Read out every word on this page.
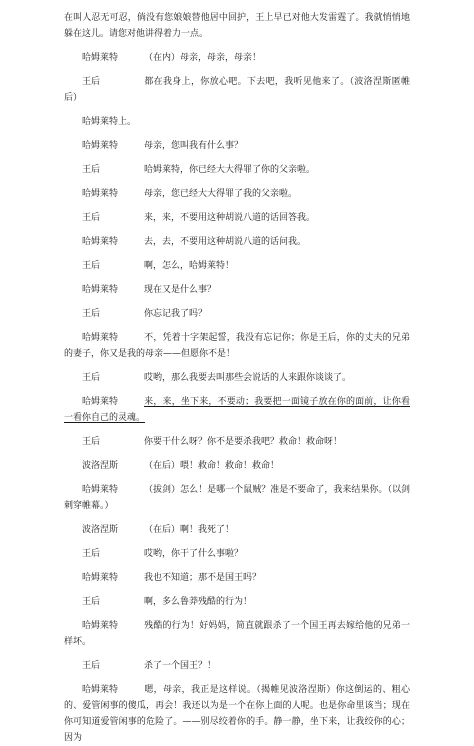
在叫人忍无可忍，倘没有您娘娘替他居中回护，王上早已对他大发雷霆了。我就悄悄地躲在这儿。请您对他讲得着力一点。

哈姆莱特	（在内）母亲，母亲，母亲！

王后	都在我身上，你放心吧。下去吧，我听见他来了。（波洛涅斯匿帷后）

哈姆莱特上。

哈姆莱特	母亲，您叫我有什么事？

王后	哈姆莱特，你已经大大得罪了你的父亲啦。

哈姆莱特	母亲，您已经大大得罪了我的父亲啦。

王后	来，来，不要用这种胡说八道的话回答我。

哈姆莱特	去，去，不要用这种胡说八道的话问我。

王后	啊，怎么，哈姆莱特！

哈姆莱特	现在又是什么事？

王后	你忘记我了吗？

哈姆莱特	不，凭着十字架起誓，我没有忘记你；你是王后，你的丈夫的兄弟的妻子，你又是我的母亲——但愿你不是！

王后	哎哟，那么我要去叫那些会说话的人来跟你谈谈了。

哈姆莱特	来，来，坐下来，不要动；我要把一面镜子放在你的面前，让你看一看你自己的灵魂。

王后	你要干什么呀？你不是要杀我吧？救命！救命呀！

波洛涅斯	（在后）喂！救命！救命！救命！

哈姆莱特	（拔剑）怎么！是哪一个鼠贼？准是不要命了，我来结果你。（以剑刺穿帷幕。）

波洛涅斯	（在后）啊！我死了！

王后	哎哟，你干了什么事啦？

哈姆莱特	我也不知道；那不是国王吗？

王后	啊，多么鲁莽残酷的行为！

哈姆莱特	残酷的行为！好妈妈，简直就跟杀了一个国王再去嫁给他的兄弟一样坏。

王后	杀了一个国王？！

哈姆莱特	嗯，母亲，我正是这样说。（揭帷见波洛涅斯）你这倒运的、粗心的、爱管闲事的傻瓜，再会！我还以为是一个在你上面的人呢。也是你命里该当；现在你可知道爱管闲事的危险了。——别尽绞着你的手。静一静，坐下来，让我绞你的心；因为
